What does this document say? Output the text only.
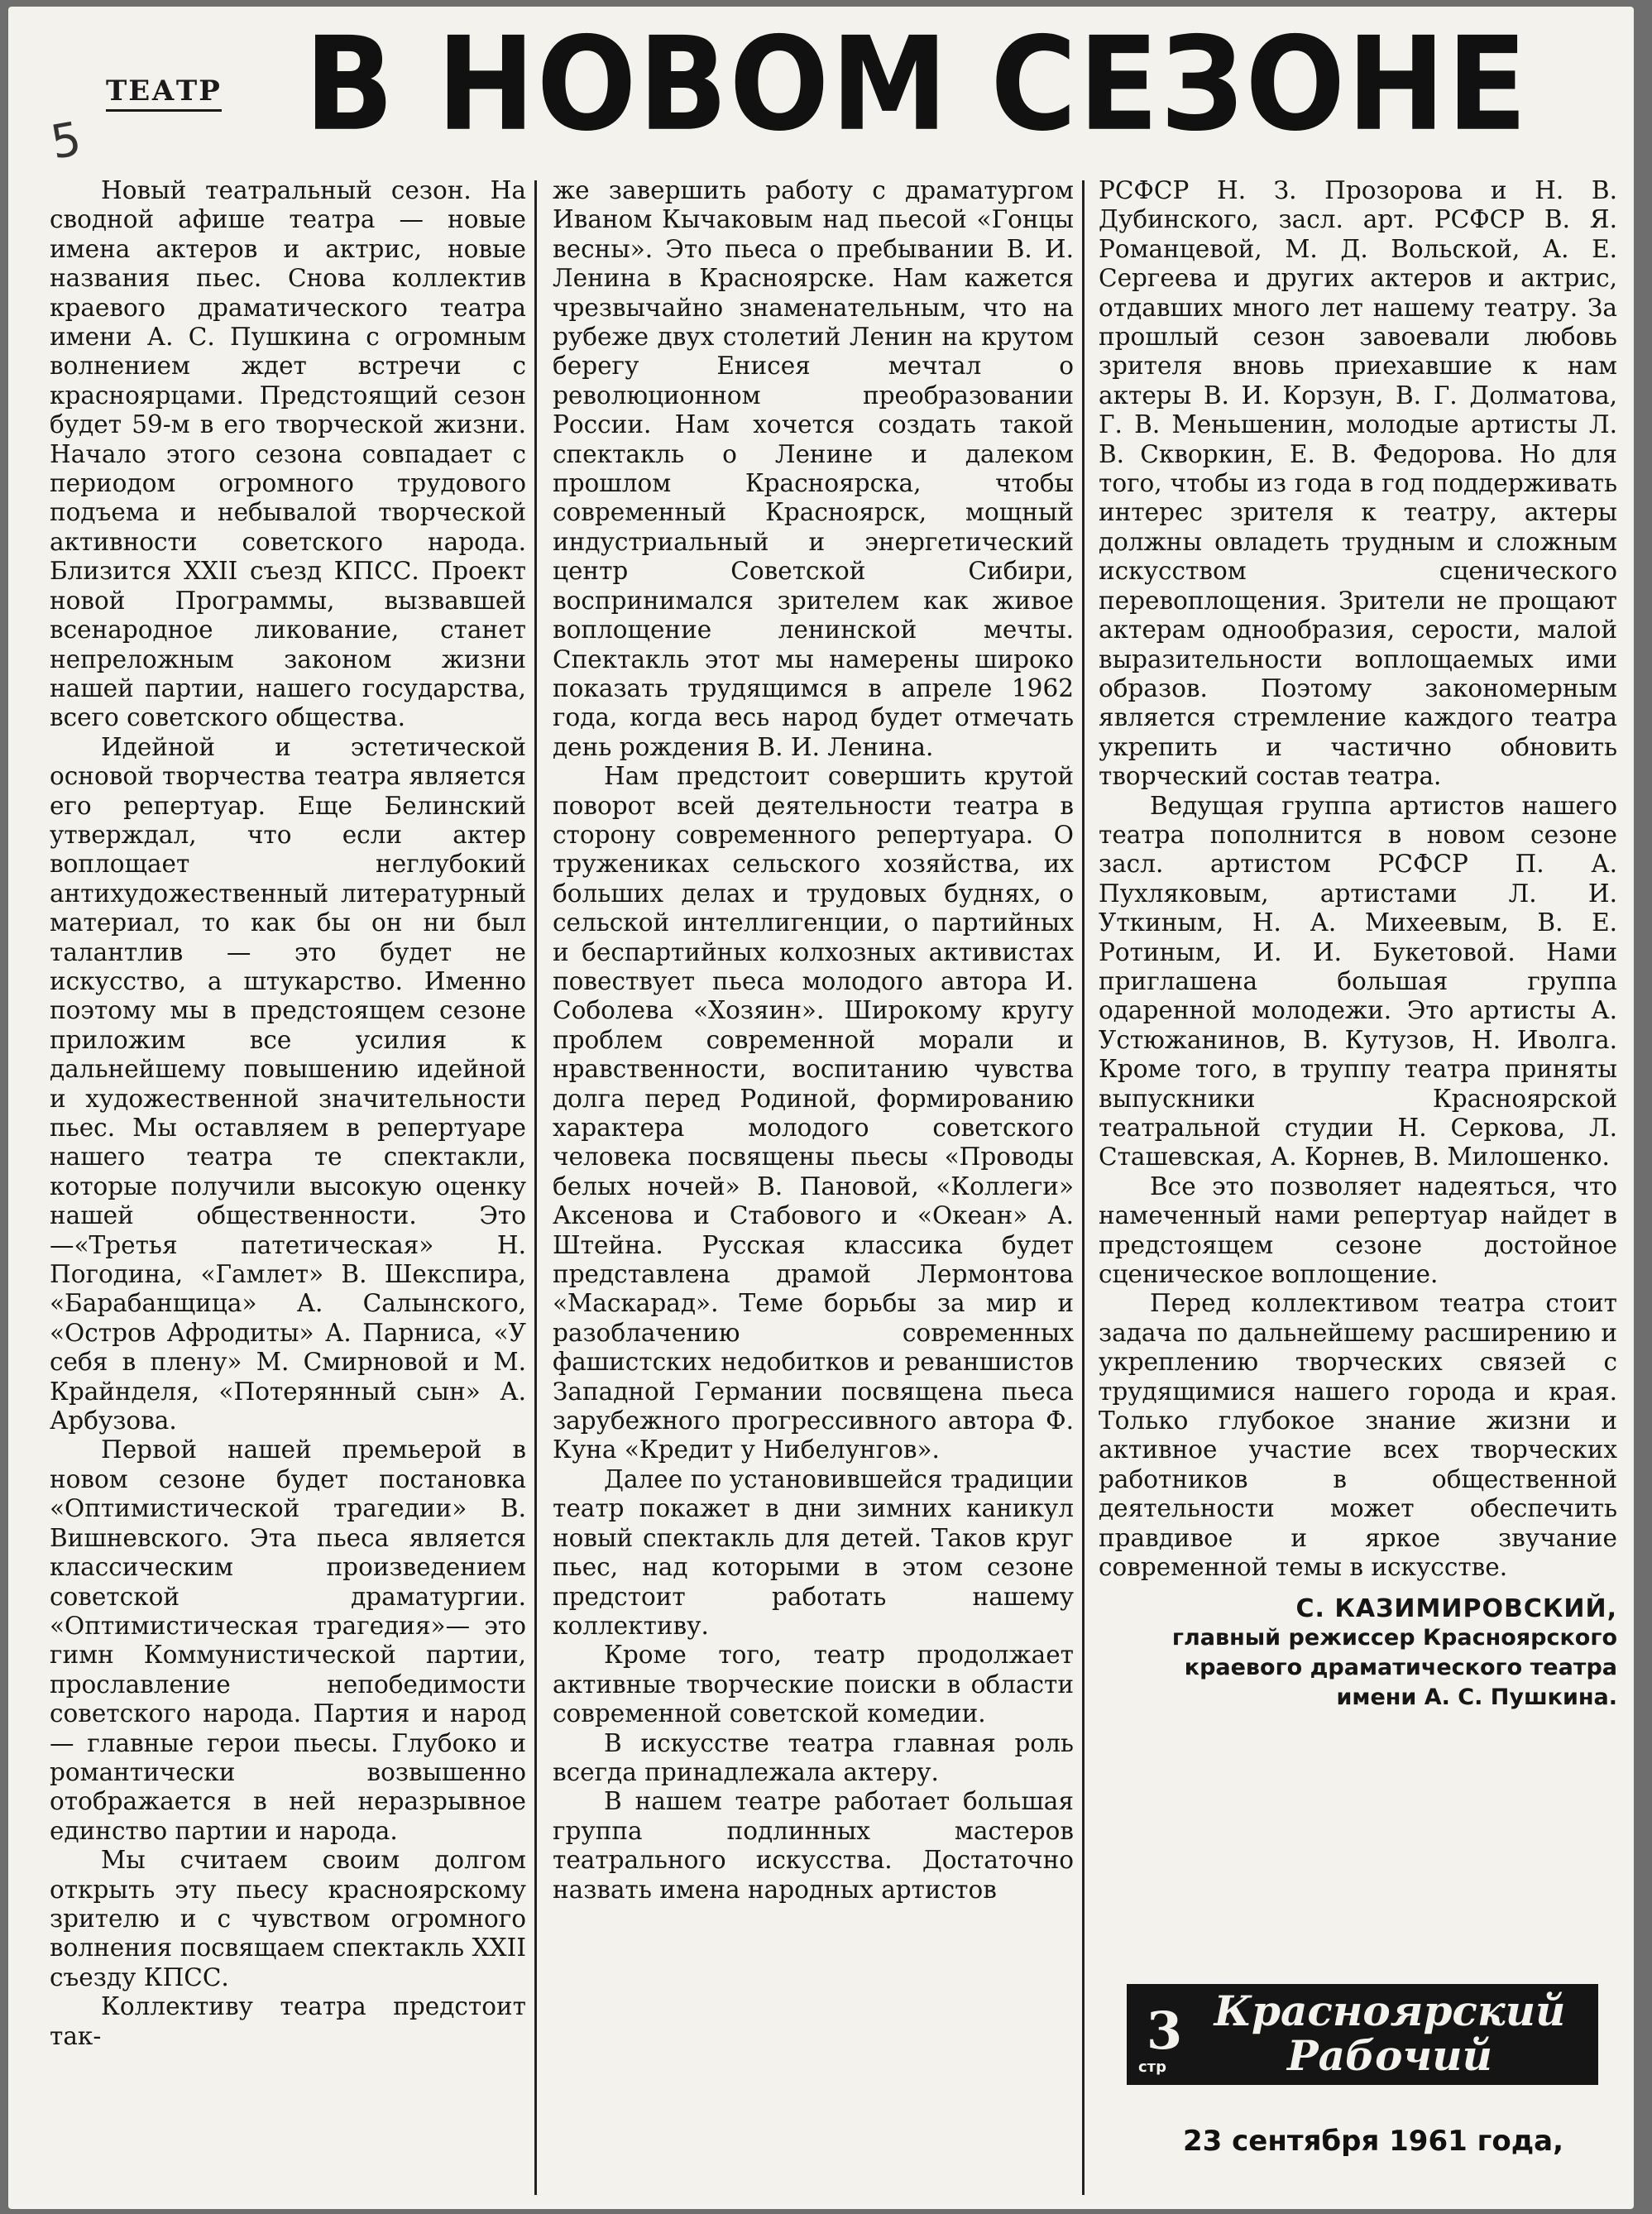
5
ТЕАТР В НОВОМ СЕЗОНЕ

Новый театральный сезон. На сводной афише театра — новые имена актеров и актрис, новые названия пьес. Снова коллектив краевого драматического театра имени А. С. Пушкина с огромным волнением ждет встречи с красноярцами. Предстоящий сезон будет 59-м в его творческой жизни. Начало этого сезона совпадает с периодом огромного трудового подъема и небывалой творческой активности советского народа. Близится XXII съезд КПСС. Проект новой Программы, вызвавшей всенародное ликование, станет непреложным законом жизни нашей партии, нашего государства, всего советского общества.

Идейной и эстетической основой творчества театра является его репертуар. Еще Белинский утверждал, что если актер воплощает неглубокий антихудожественный литературный материал, то как бы он ни был талантлив — это будет не искусство, а штукарство. Именно поэтому мы в предстоящем сезоне приложим все усилия к дальнейшему повышению идейной и художественной значительности пьес. Мы оставляем в репертуаре нашего театра те спектакли, которые получили высокую оценку нашей общественности. Это—«Третья патетическая» Н. Погодина, «Гамлет» В. Шекспира, «Барабанщица» А. Салынского, «Остров Афродиты» А. Парниса, «У себя в плену» М. Смирновой и М. Крайнделя, «Потерянный сын» А. Арбузова.

Первой нашей премьерой в новом сезоне будет постановка «Оптимистической трагедии» В. Вишневского. Эта пьеса является классическим произведением советской драматургии. «Оптимистическая трагедия»— это гимн Коммунистической партии, прославление непобедимости советского народа. Партия и народ — главные герои пьесы. Глубоко и романтически возвышенно отображается в ней неразрывное единство партии и народа.

Мы считаем своим долгом открыть эту пьесу красноярскому зрителю и с чувством огромного волнения посвящаем спектакль XXII съезду КПСС.

Коллективу театра предстоит так-

же завершить работу с драматургом Иваном Кычаковым над пьесой «Гонцы весны». Это пьеса о пребывании В. И. Ленина в Красноярске. Нам кажется чрезвычайно знаменательным, что на рубеже двух столетий Ленин на крутом берегу Енисея мечтал о революционном преобразовании России. Нам хочется создать такой спектакль о Ленине и далеком прошлом Красноярска, чтобы современный Красноярск, мощный индустриальный и энергетический центр Советской Сибири, воспринимался зрителем как живое воплощение ленинской мечты. Спектакль этот мы намерены широко показать трудящимся в апреле 1962 года, когда весь народ будет отмечать день рождения В. И. Ленина.

Нам предстоит совершить крутой поворот всей деятельности театра в сторону современного репертуара. О тружениках сельского хозяйства, их больших делах и трудовых буднях, о сельской интеллигенции, о партийных и беспартийных колхозных активистах повествует пьеса молодого автора И. Соболева «Хозяин». Широкому кругу проблем современной морали и нравственности, воспитанию чувства долга перед Родиной, формированию характера молодого советского человека посвящены пьесы «Проводы белых ночей» В. Пановой, «Коллеги» Аксенова и Стабового и «Океан» А. Штейна. Русская классика будет представлена драмой Лермонтова «Маскарад». Теме борьбы за мир и разоблачению современных фашистских недобитков и реваншистов Западной Германии посвящена пьеса зарубежного прогрессивного автора Ф. Куна «Кредит у Нибелунгов».

Далее по установившейся традиции театр покажет в дни зимних каникул новый спектакль для детей. Таков круг пьес, над которыми в этом сезоне предстоит работать нашему коллективу.

Кроме того, театр продолжает активные творческие поиски в области современной советской комедии.

В искусстве театра главная роль всегда принадлежала актеру.

В нашем театре работает большая группа подлинных мастеров театрального искусства. Достаточно назвать имена народных артистов

РСФСР Н. З. Прозорова и Н. В. Дубинского, засл. арт. РСФСР В. Я. Романцевой, М. Д. Вольской, А. Е. Сергеева и других актеров и актрис, отдавших много лет нашему театру. За прошлый сезон завоевали любовь зрителя вновь приехавшие к нам актеры В. И. Корзун, В. Г. Долматова, Г. В. Меньшенин, молодые артисты Л. В. Скворкин, Е. В. Федорова. Но для того, чтобы из года в год поддерживать интерес зрителя к театру, актеры должны овладеть трудным и сложным искусством сценического перевоплощения. Зрители не прощают актерам однообразия, серости, малой выразительности воплощаемых ими образов. Поэтому закономерным является стремление каждого театра укрепить и частично обновить творческий состав театра.

Ведущая группа артистов нашего театра пополнится в новом сезоне засл. артистом РСФСР П. А. Пухляковым, артистами Л. И. Уткиным, Н. А. Михеевым, В. Е. Ротиным, И. И. Букетовой. Нами приглашена большая группа одаренной молодежи. Это артисты А. Устюжанинов, В. Кутузов, Н. Иволга. Кроме того, в труппу театра приняты выпускники Красноярской театральной студии Н. Серкова, Л. Сташевская, А. Корнев, В. Милошенко.

Все это позволяет надеяться, что намеченный нами репертуар найдет в предстоящем сезоне достойное сценическое воплощение.

Перед коллективом театра стоит задача по дальнейшему расширению и укреплению творческих связей с трудящимися нашего города и края. Только глубокое знание жизни и активное участие всех творческих работников в общественной деятельности может обеспечить правдивое и яркое звучание современной темы в искусстве.

С. КАЗИМИРОВСКИЙ,
главный режиссер Красноярского краевого драматического театра имени А. С. Пушкина.
3
стр
Красноярский
Рабочий
23 сентября 1961 года,
